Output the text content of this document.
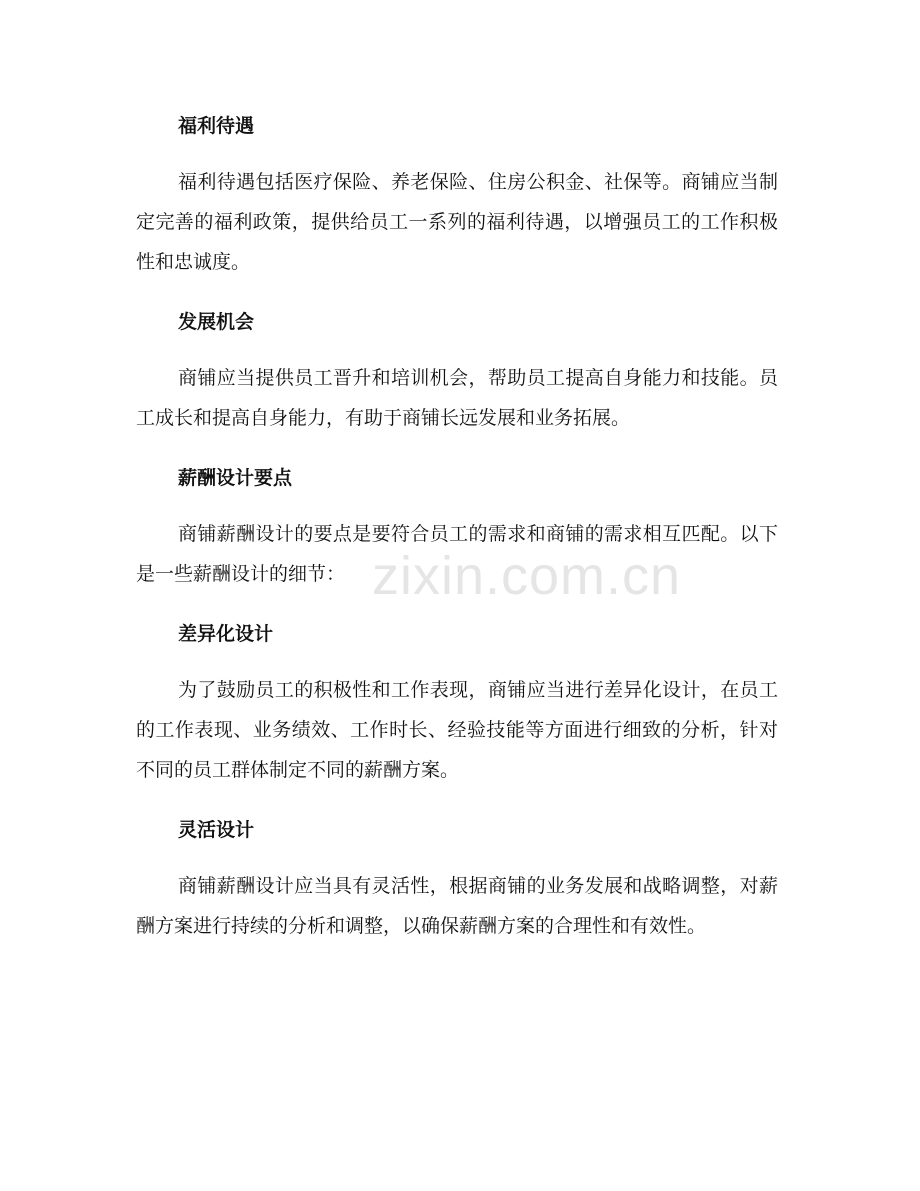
福利待遇

福利待遇包括医疗保险、养老保险、住房公积金、社保等。商铺应当制定完善的福利政策，提供给员工一系列的福利待遇，以增强员工的工作积极性和忠诚度。

发展机会

商铺应当提供员工晋升和培训机会，帮助员工提高自身能力和技能。员工成长和提高自身能力，有助于商铺长远发展和业务拓展。

薪酬设计要点

商铺薪酬设计的要点是要符合员工的需求和商铺的需求相互匹配。以下是一些薪酬设计的细节：

差异化设计

为了鼓励员工的积极性和工作表现，商铺应当进行差异化设计，在员工的工作表现、业务绩效、工作时长、经验技能等方面进行细致的分析，针对不同的员工群体制定不同的薪酬方案。

灵活设计

商铺薪酬设计应当具有灵活性，根据商铺的业务发展和战略调整，对薪酬方案进行持续的分析和调整，以确保薪酬方案的合理性和有效性。

zixin.com.cn
